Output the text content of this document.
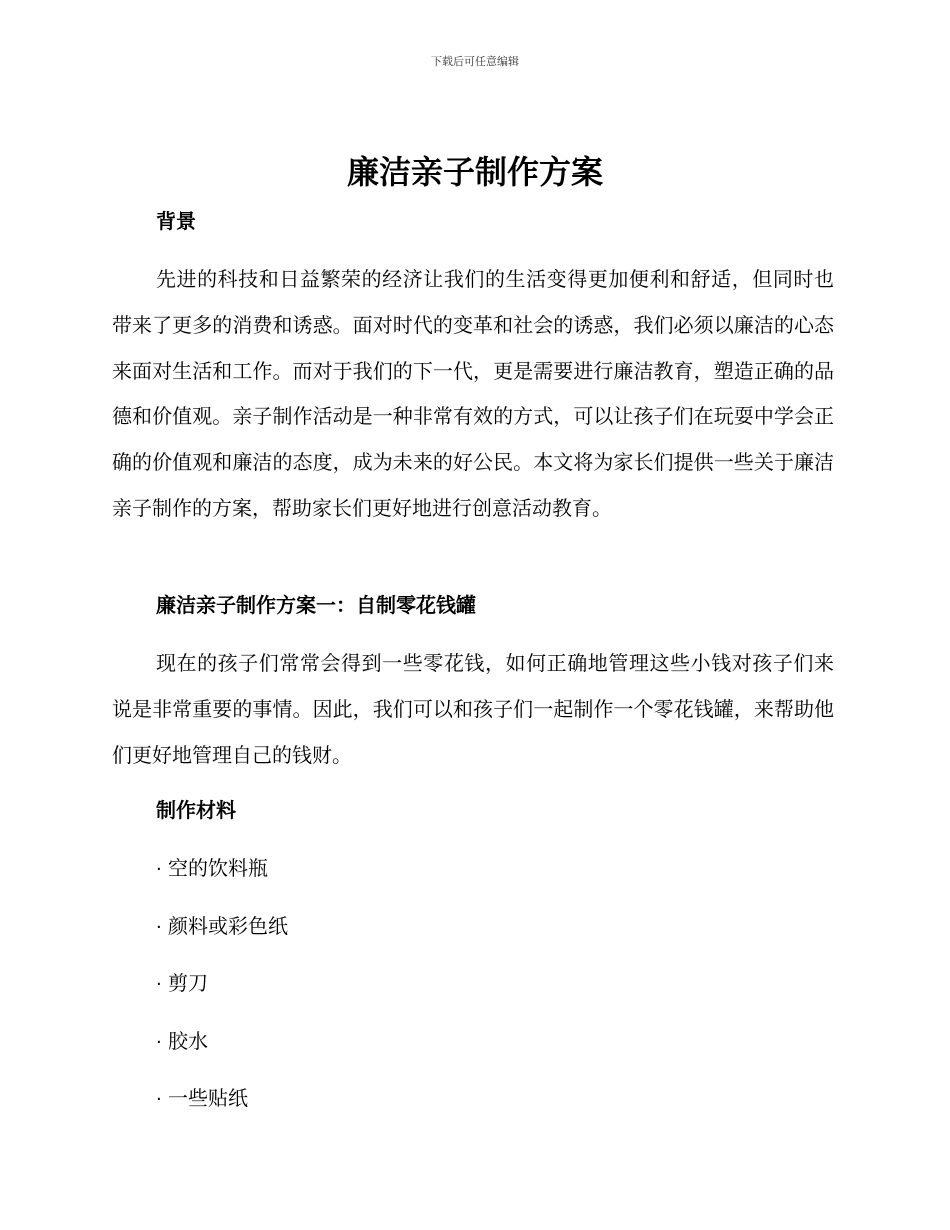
下载后可任意编辑
廉洁亲子制作方案
背景

先进的科技和日益繁荣的经济让我们的生活变得更加便利和舒适，但同时也带来了更多的消费和诱惑。面对时代的变革和社会的诱惑，我们必须以廉洁的心态来面对生活和工作。而对于我们的下一代，更是需要进行廉洁教育，塑造正确的品德和价值观。亲子制作活动是一种非常有效的方式，可以让孩子们在玩耍中学会正确的价值观和廉洁的态度，成为未来的好公民。本文将为家长们提供一些关于廉洁亲子制作的方案，帮助家长们更好地进行创意活动教育。

廉洁亲子制作方案一：自制零花钱罐

现在的孩子们常常会得到一些零花钱，如何正确地管理这些小钱对孩子们来说是非常重要的事情。因此，我们可以和孩子们一起制作一个零花钱罐，来帮助他们更好地管理自己的钱财。

制作材料
· 空的饮料瓶
· 颜料或彩色纸
· 剪刀
· 胶水
· 一些贴纸
